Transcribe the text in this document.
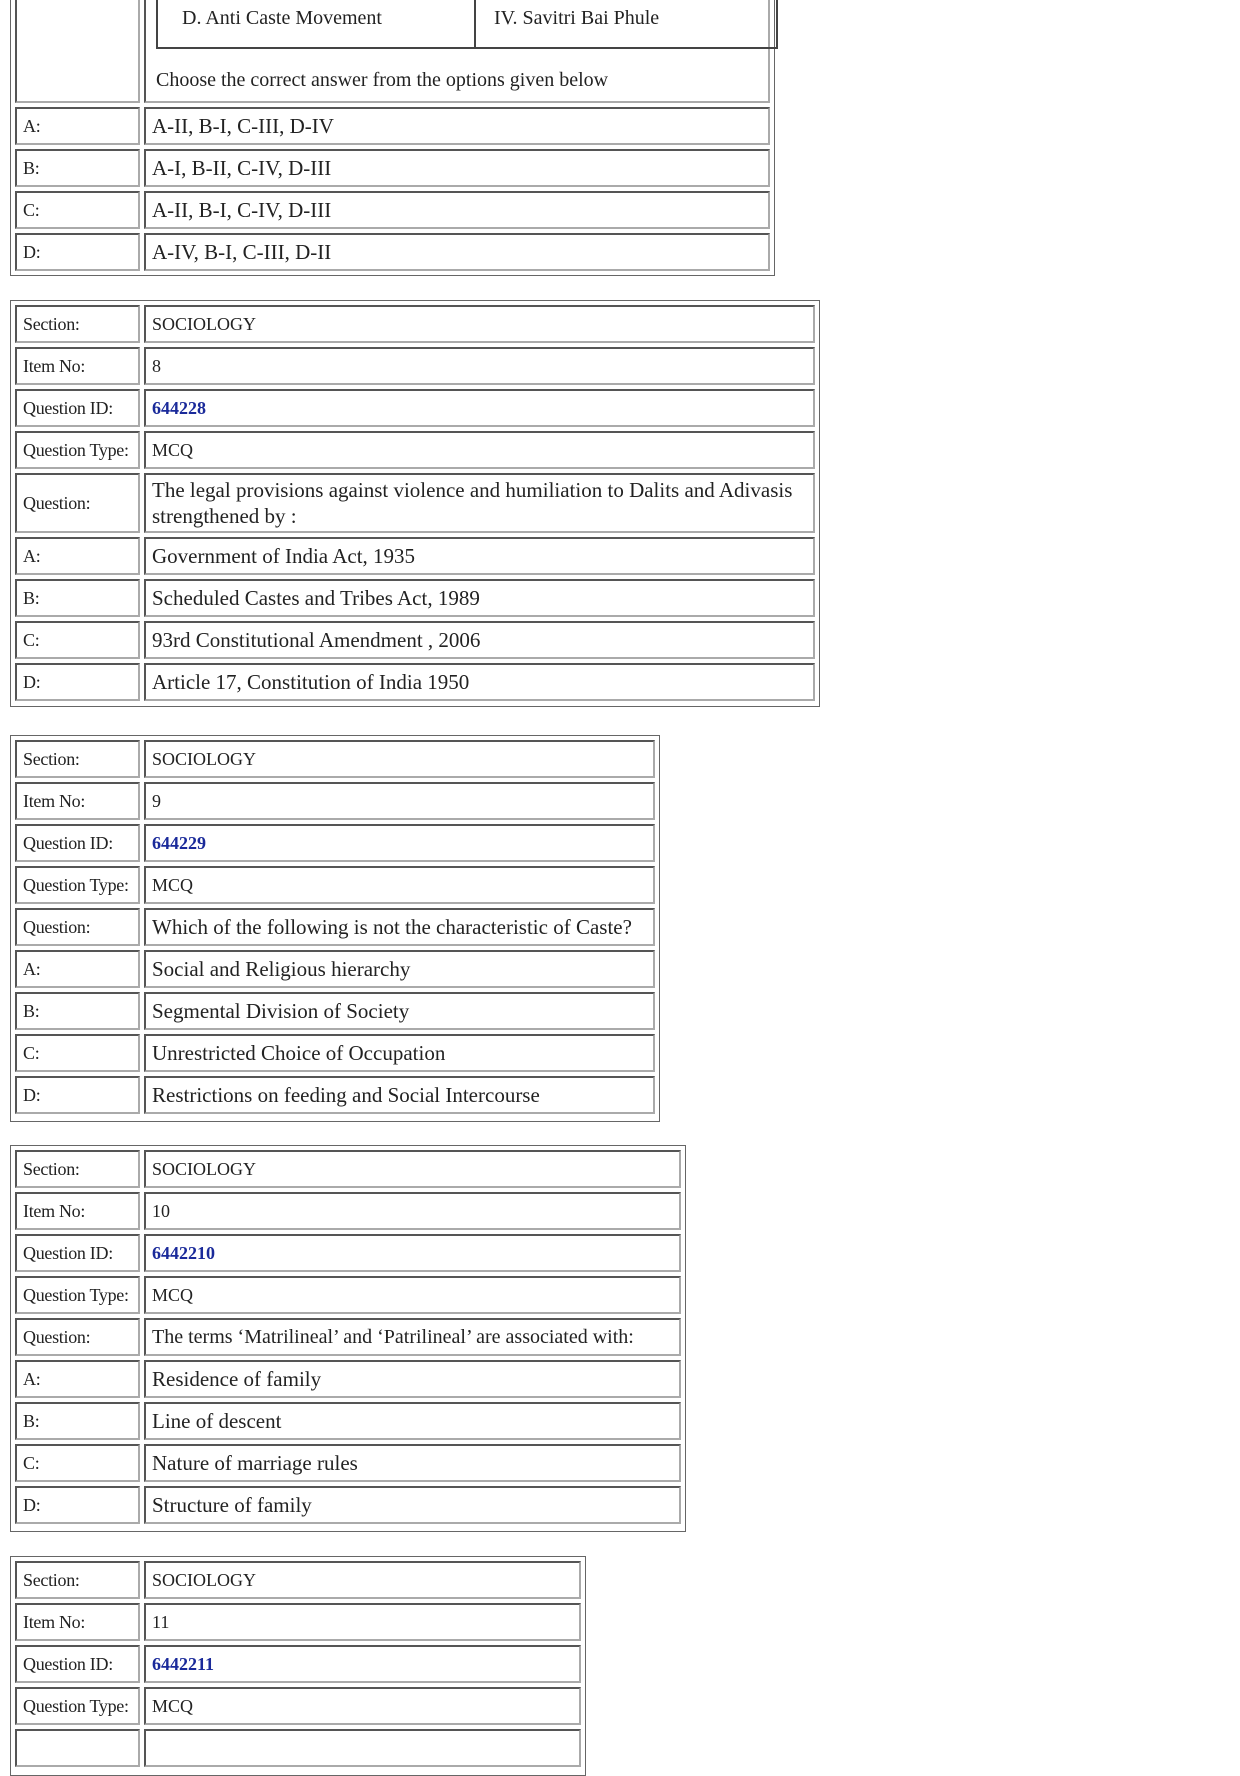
D. Anti Caste Movement	IV. Savitri Bai Phule
Choose the correct answer from the options given below
A:	A-II, B-I, C-III, D-IV
B:	A-I, B-II, C-IV, D-III
C:	A-II, B-I, C-IV, D-III
D:	A-IV, B-I, C-III, D-II
Section:	SOCIOLOGY
Item No:	8
Question ID:	644228
Question Type:	MCQ
Question:
The legal provisions against violence and humiliation to Dalits and Adivasis strengthened by :
A:	Government of India Act, 1935
B:	Scheduled Castes and Tribes Act, 1989
C:	93rd Constitutional Amendment , 2006
D:	Article 17, Constitution of India 1950
Section:	SOCIOLOGY
Item No:	9
Question ID:	644229
Question Type:	MCQ
Question:	Which of the following is not the characteristic of Caste?
A:	Social and Religious hierarchy
B:	Segmental Division of Society
C:	Unrestricted Choice of Occupation
D:	Restrictions on feeding and Social Intercourse
Section:	SOCIOLOGY
Item No:	10
Question ID:	6442210
Question Type:	MCQ
Question:	The terms ‘Matrilineal’ and ‘Patrilineal’ are associated with:
A:	Residence of family
B:	Line of descent
C:	Nature of marriage rules
D:	Structure of family
Section:	SOCIOLOGY
Item No:	11
Question ID:	6442211
Question Type:	MCQ
